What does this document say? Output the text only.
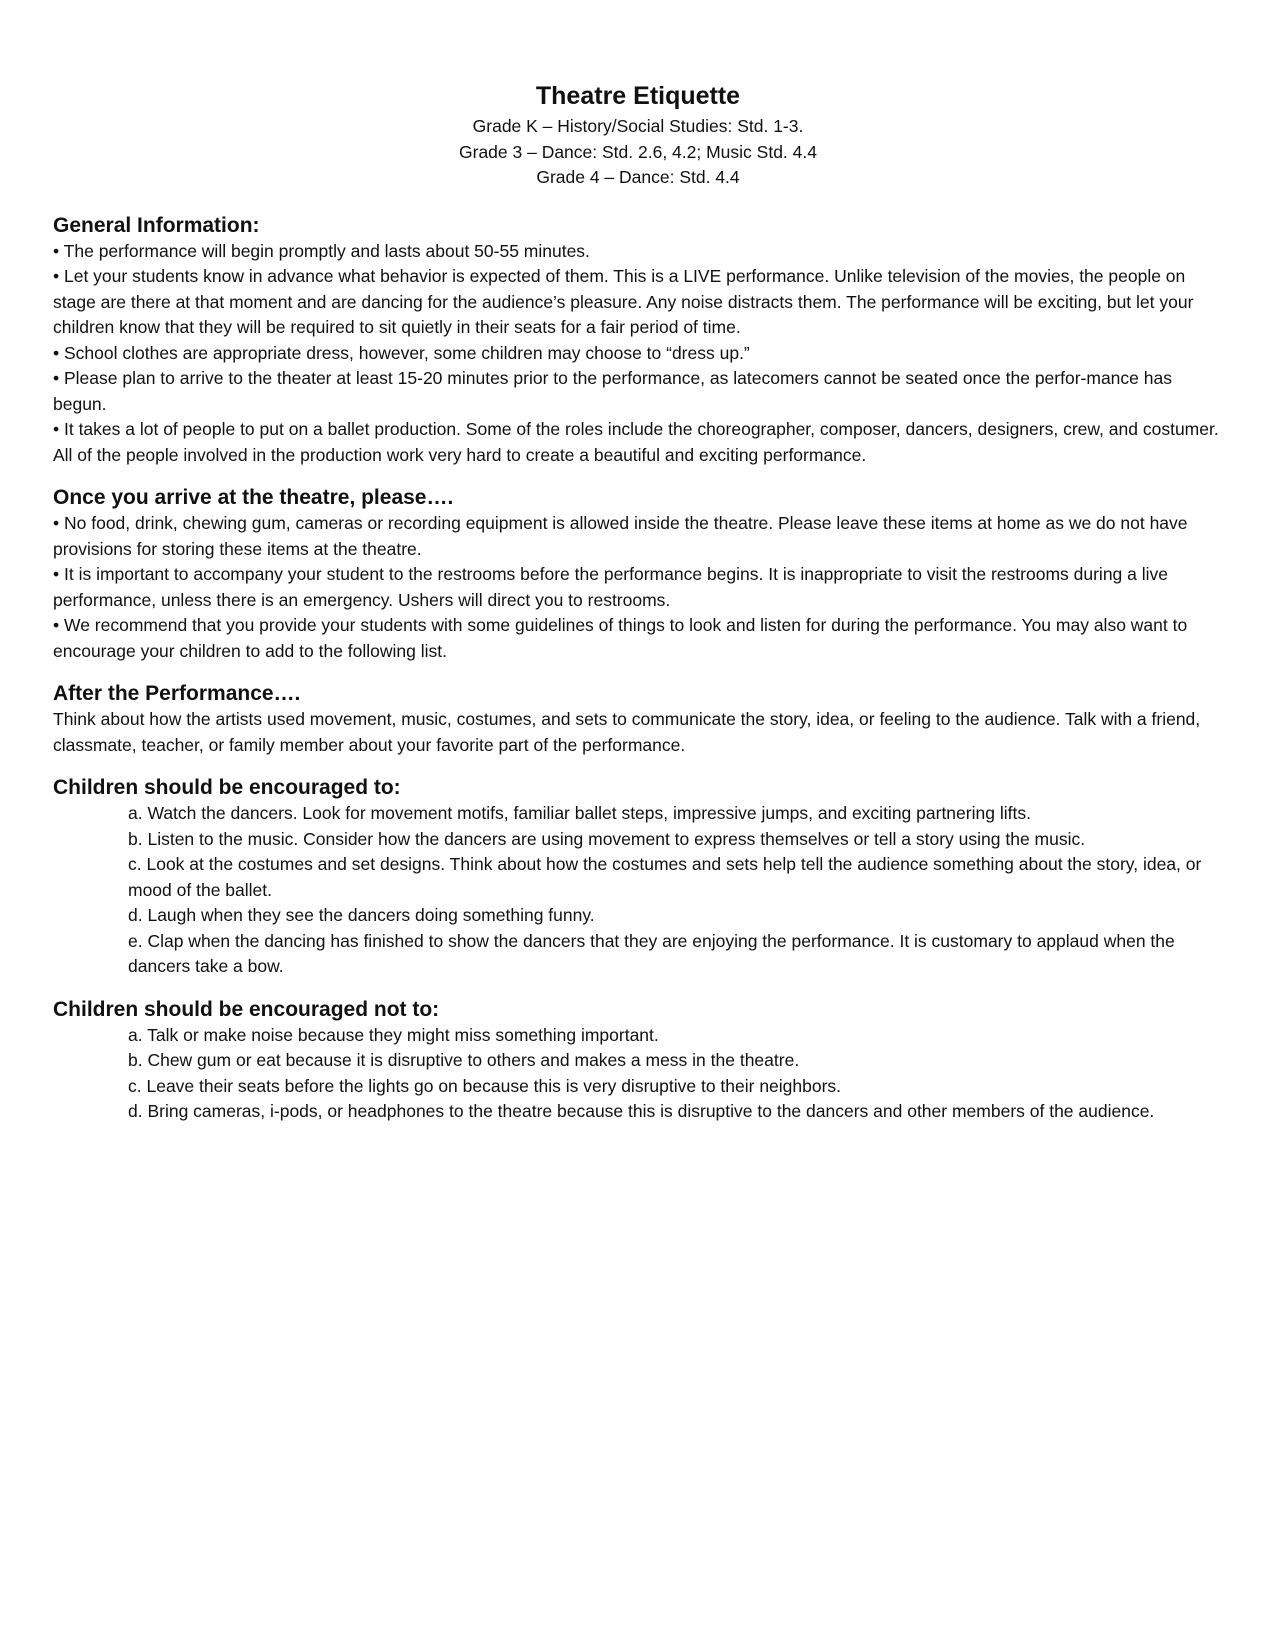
Theatre Etiquette

Grade K – History/Social Studies: Std. 1-3.

Grade 3 – Dance: Std. 2.6, 4.2; Music Std. 4.4

Grade 4 – Dance: Std. 4.4

General Information:

• The performance will begin promptly and lasts about 50-55 minutes.

• Let your students know in advance what behavior is expected of them. This is a LIVE performance. Unlike television of the movies, the people on stage are there at that moment and are dancing for the audience’s pleasure. Any noise distracts them. The performance will be exciting, but let your children know that they will be required to sit quietly in their seats for a fair period of time.

• School clothes are appropriate dress, however, some children may choose to “dress up.”

• Please plan to arrive to the theater at least 15-20 minutes prior to the performance, as latecomers cannot be seated once the perfor-mance has begun.

• It takes a lot of people to put on a ballet production. Some of the roles include the choreographer, composer, dancers, designers, crew, and costumer. All of the people involved in the production work very hard to create a beautiful and exciting performance.

Once you arrive at the theatre, please….

• No food, drink, chewing gum, cameras or recording equipment is allowed inside the theatre. Please leave these items at home as we do not have provisions for storing these items at the theatre.

• It is important to accompany your student to the restrooms before the performance begins. It is inappropriate to visit the restrooms during a live performance, unless there is an emergency. Ushers will direct you to restrooms.

• We recommend that you provide your students with some guidelines of things to look and listen for during the performance. You may also want to encourage your children to add to the following list.

After the Performance….

Think about how the artists used movement, music, costumes, and sets to communicate the story, idea, or feeling to the audience. Talk with a friend, classmate, teacher, or family member about your favorite part of the performance.

Children should be encouraged to:

a. Watch the dancers. Look for movement motifs, familiar ballet steps, impressive jumps, and exciting partnering lifts.

b. Listen to the music. Consider how the dancers are using movement to express themselves or tell a story using the music.

c. Look at the costumes and set designs. Think about how the costumes and sets help tell the audience something about the story, idea, or mood of the ballet.

d. Laugh when they see the dancers doing something funny.

e. Clap when the dancing has finished to show the dancers that they are enjoying the performance. It is customary to applaud when the dancers take a bow.

Children should be encouraged not to:

a. Talk or make noise because they might miss something important.

b. Chew gum or eat because it is disruptive to others and makes a mess in the theatre.

c. Leave their seats before the lights go on because this is very disruptive to their neighbors.

d. Bring cameras, i-pods, or headphones to the theatre because this is disruptive to the dancers and other members of the audience.
